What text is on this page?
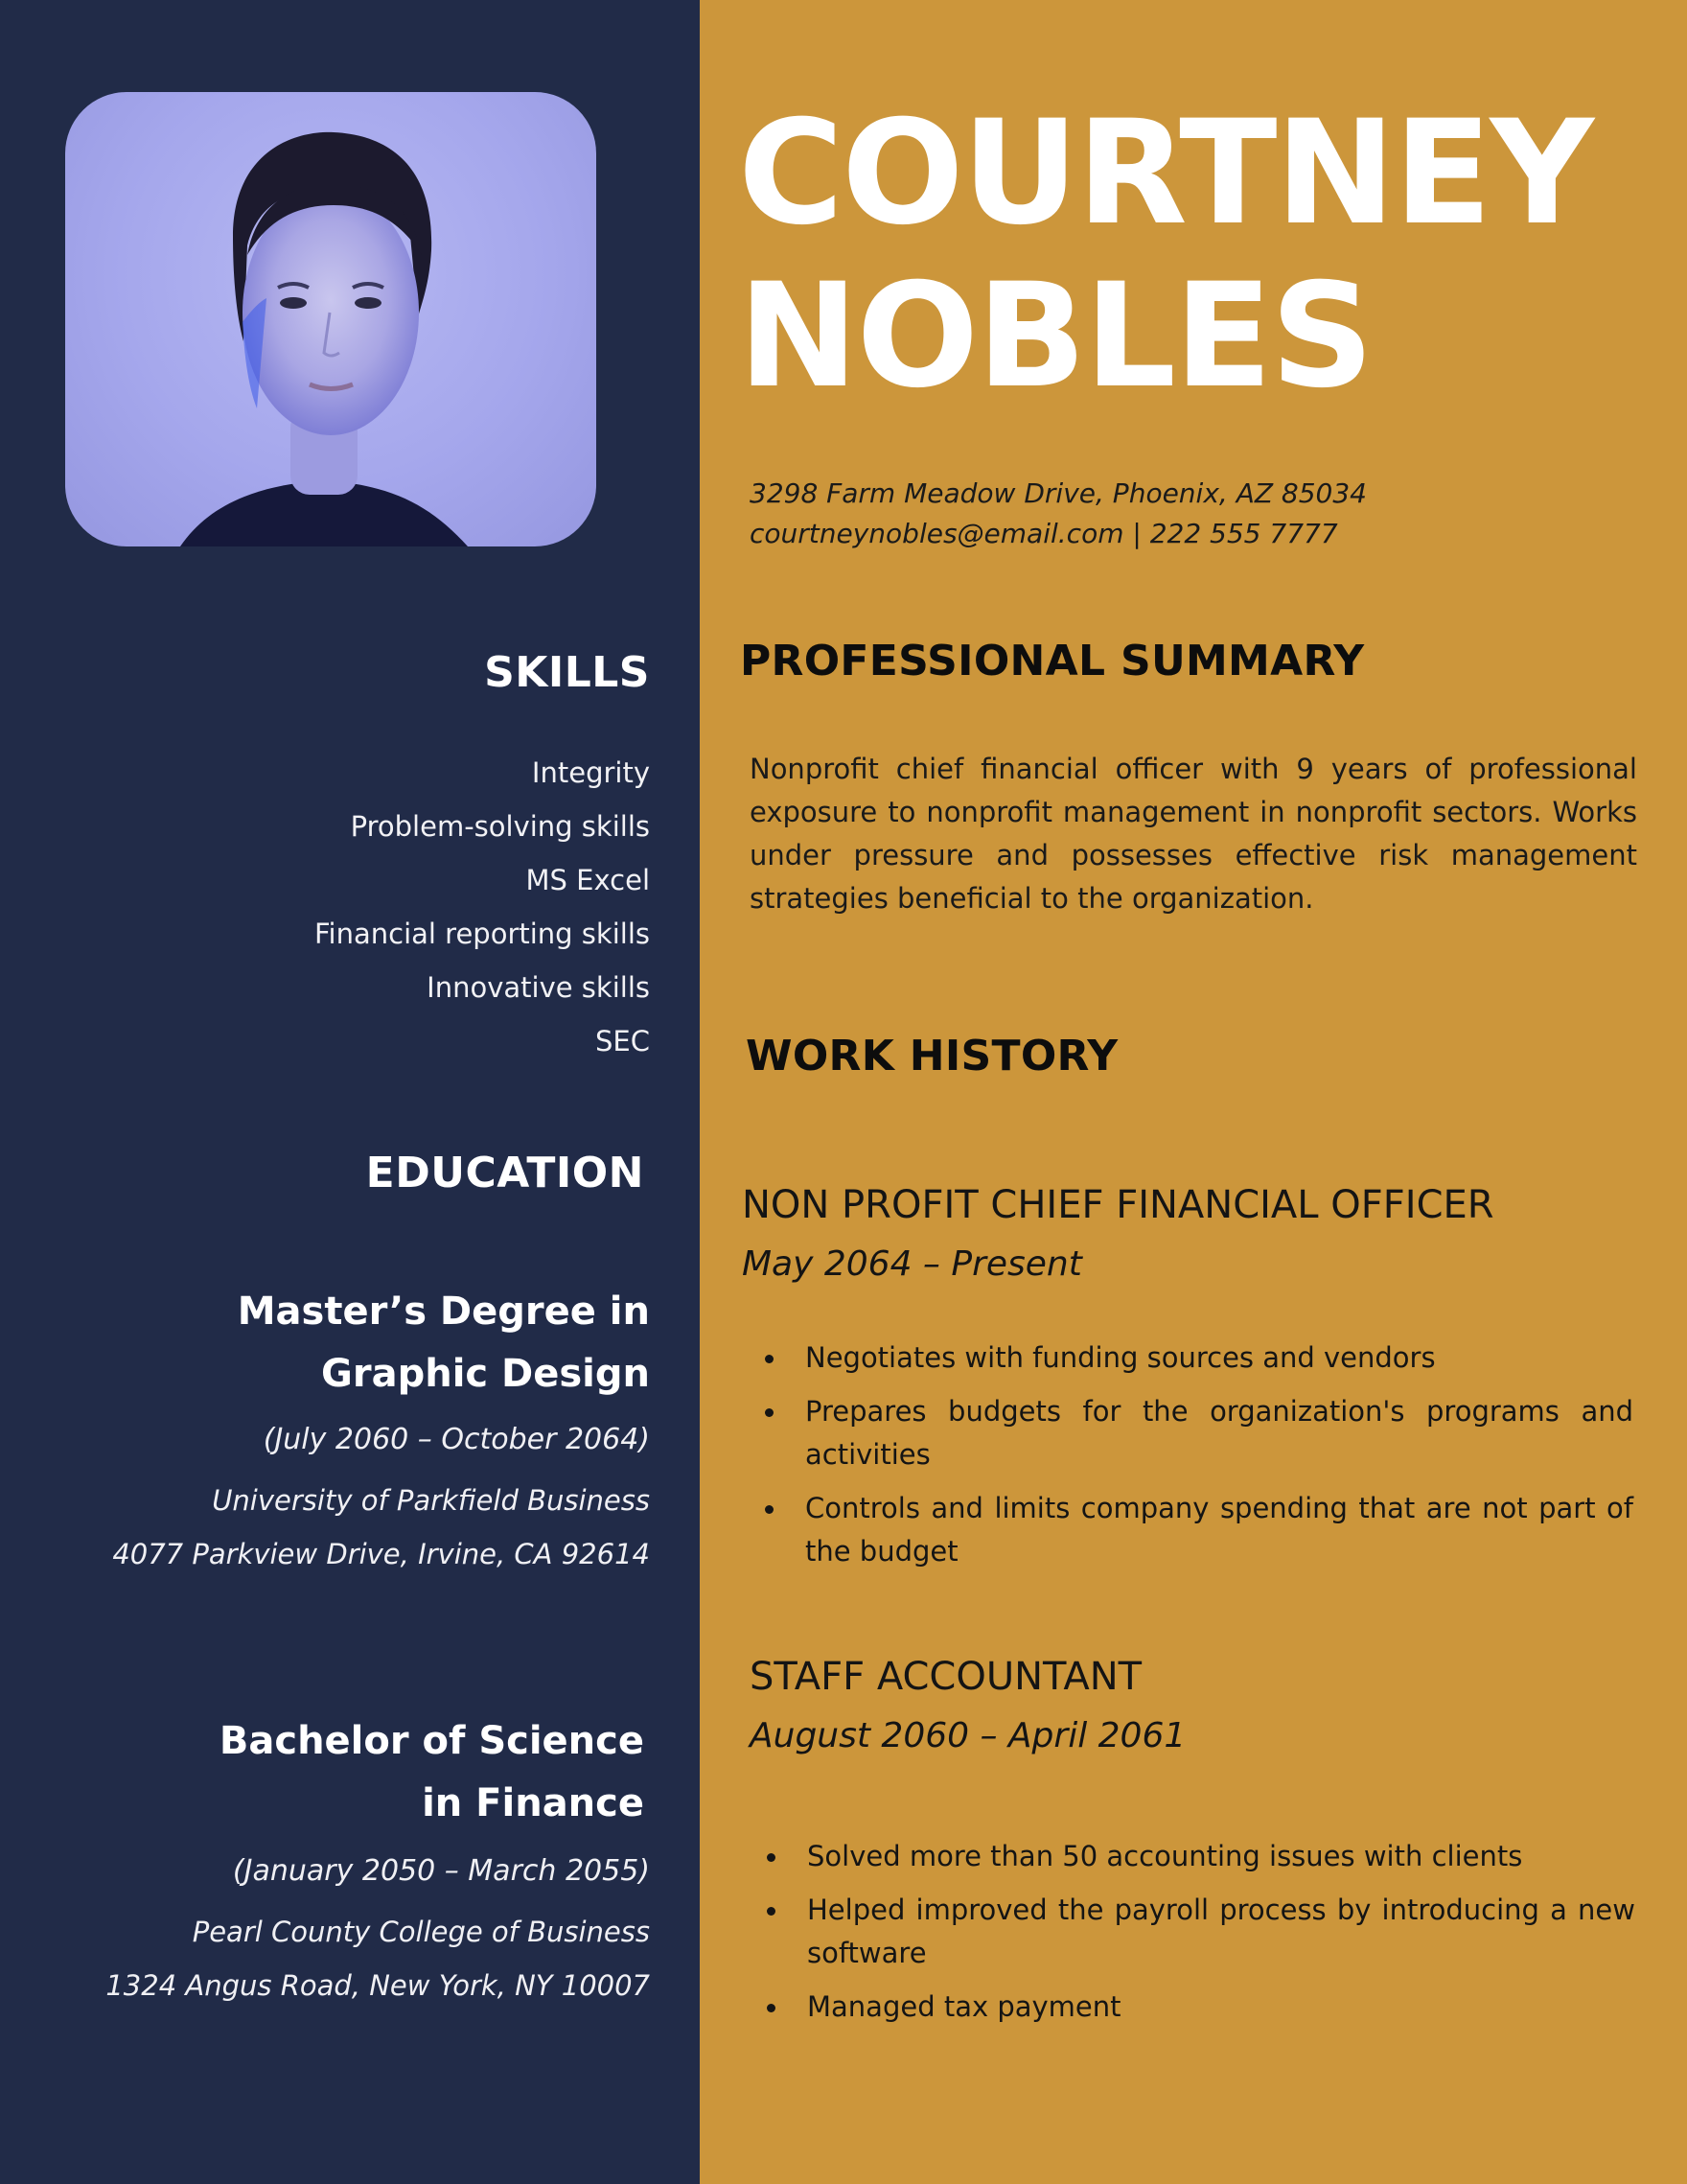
SKILLS
Integrity
Problem-solving skills
MS Excel
Financial reporting skills
Innovative skills
SEC
EDUCATION

Master’s Degree in Graphic Design

(July 2060 – October 2064)

University of Parkfield Business

4077 Parkview Drive, Irvine, CA 92614

Bachelor of Science

in Finance

(January 2050 – March 2055)

Pearl County College of Business

1324 Angus Road, New York, NY 10007

COURTNEY
NOBLES

3298 Farm Meadow Drive, Phoenix, AZ 85034

courtneynobles@email.com | 222 555 7777

PROFESSIONAL SUMMARY

Nonprofit chief financial officer with 9 years of professional exposure to nonprofit management in nonprofit sectors. Works under pressure and possesses effective risk management strategies beneficial to the organization.

WORK HISTORY

NON PROFIT CHIEF FINANCIAL OFFICER

May 2064 – Present

Negotiates with funding sources and vendors
Prepares budgets for the organization's programs and activities
Controls and limits company spending that are not part of the budget

STAFF ACCOUNTANT

August 2060 – April 2061

Solved more than 50 accounting issues with clients
Helped improved the payroll process by introducing a new software
Managed tax payment
